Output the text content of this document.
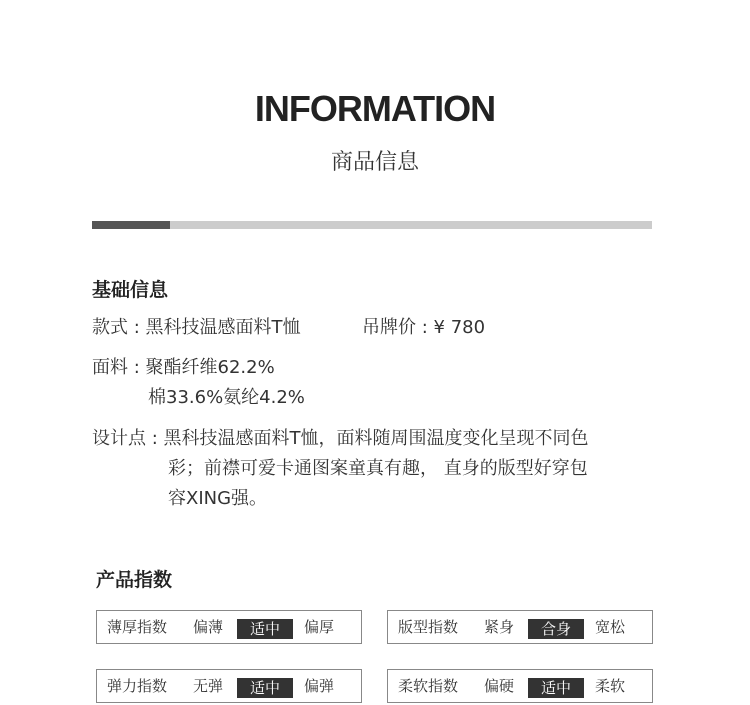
INFORMATION
商品信息
基础信息
款式 : 黑科技温感面料T恤	吊牌价 : ¥ 780
面料 : 聚酯纤维62.2%
棉33.6%氨纶4.2%
设计点 : 黑科技温感面料T恤，面料随周围温度变化呈现不同色
彩；前襟可爱卡通图案童真有趣， 直身的版型好穿包
容XING强。
产品指数
薄厚指数 偏薄	适中	偏厚	版型指数 紧身	合身	宽松
弹力指数 无弹	适中	偏弹	柔软指数 偏硬	适中	柔软
